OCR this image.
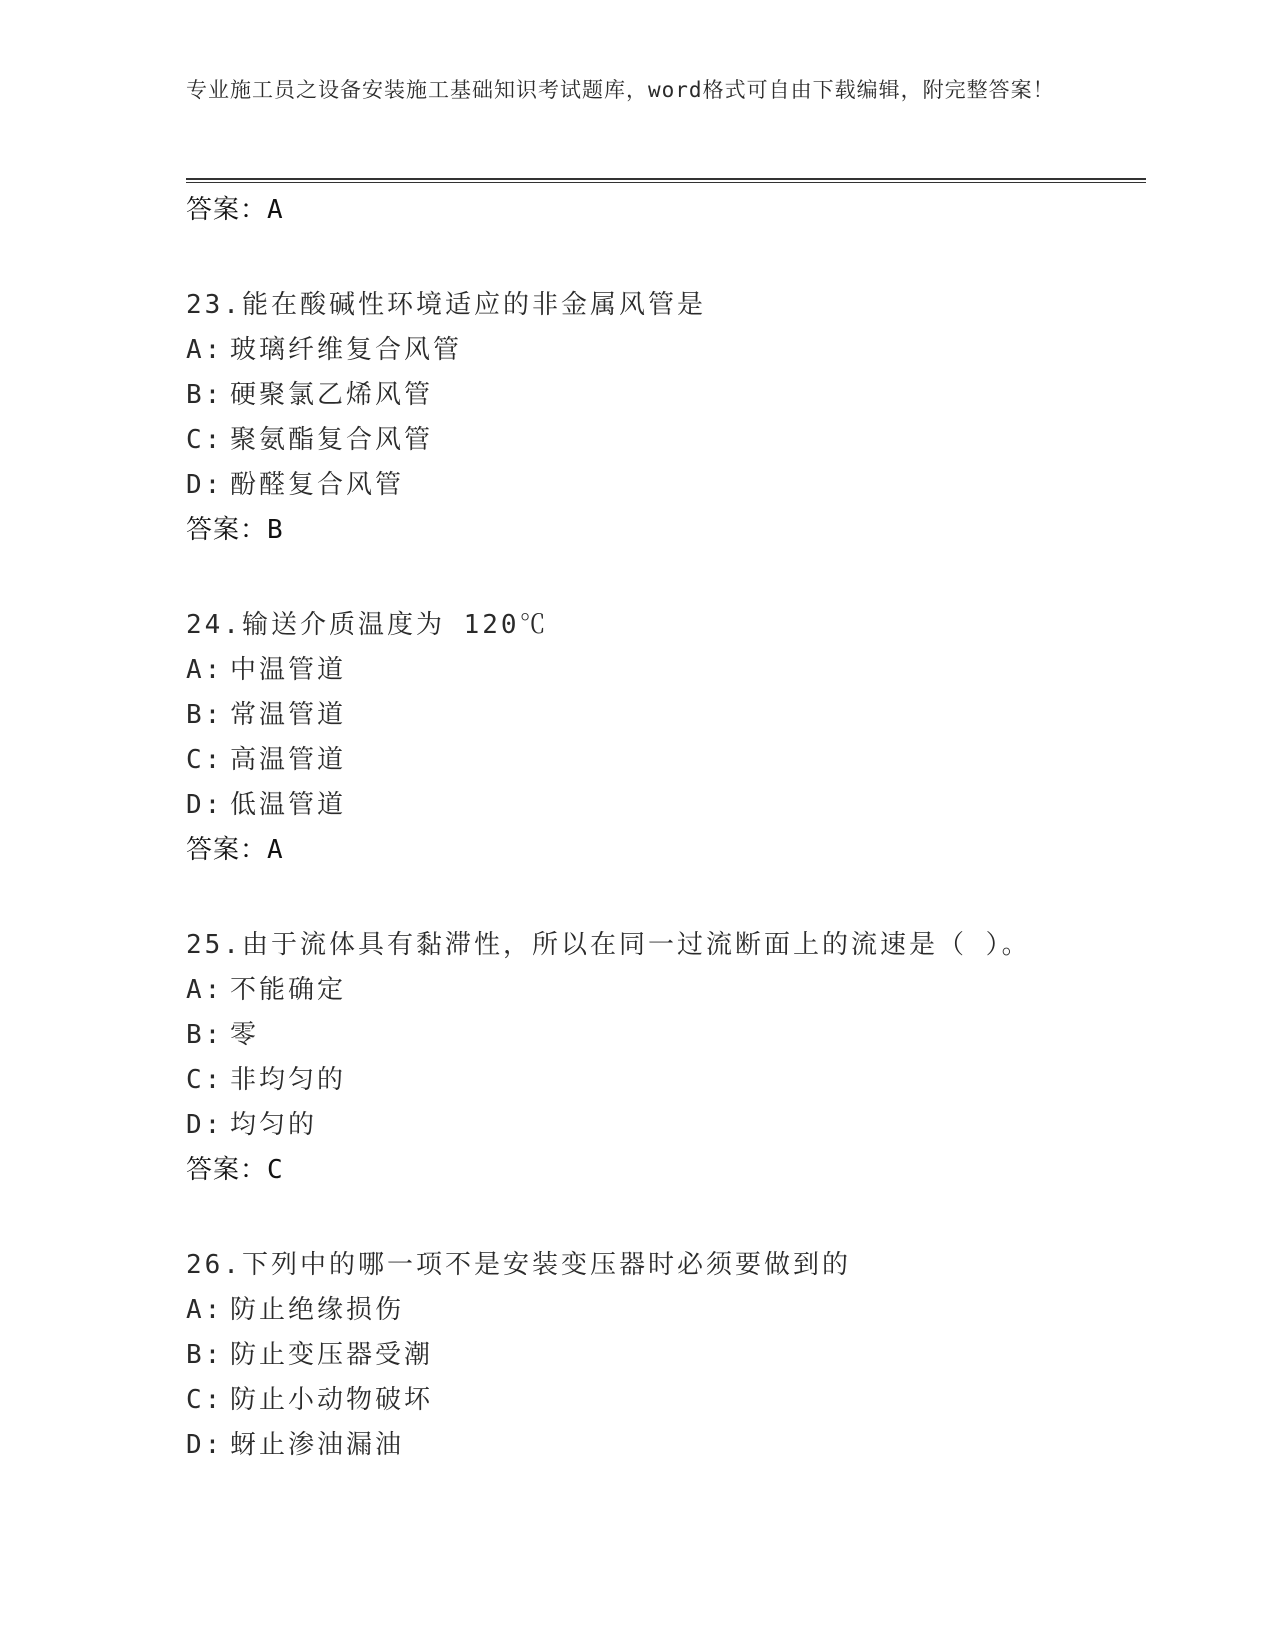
专业施工员之设备安装施工基础知识考试题库，word格式可自由下载编辑，附完整答案！
答案：A
23.能在酸碱性环境适应的非金属风管是
A: 玻璃纤维复合风管
B: 硬聚氯乙烯风管
C: 聚氨酯复合风管
D: 酚醛复合风管
答案：B
24.输送介质温度为 120℃
A: 中温管道
B: 常温管道
C: 高温管道
D: 低温管道
答案：A
25.由于流体具有黏滞性，所以在同一过流断面上的流速是（ ）。
A: 不能确定
B: 零
C: 非均匀的
D: 均匀的
答案：C
26.下列中的哪一项不是安装变压器时必须要做到的
A: 防止绝缘损伤
B: 防止变压器受潮
C: 防止小动物破坏
D: 蚜止渗油漏油
